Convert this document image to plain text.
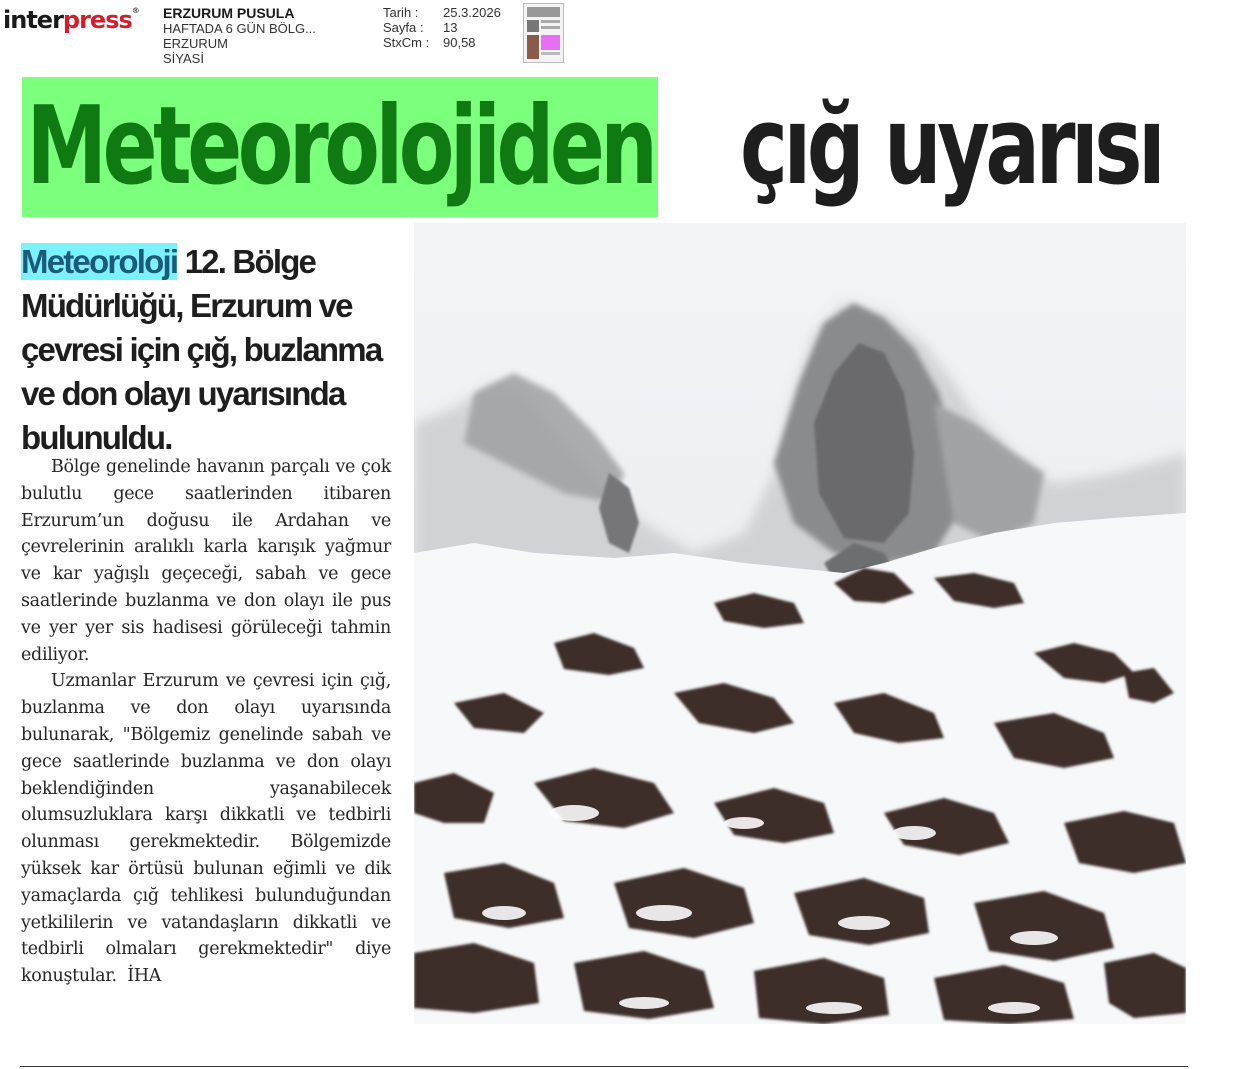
interpress® ERZURUM PUSULA
HAFTADA 6 GÜN BÖLG...
ERZURUM
SİYASİ
Tarih :	25.3.2026
Sayfa :	13
StxCm :	90,58
Meteorolojiden çığ uyarısı

Meteoroloji 12. Bölge Müdürlüğü, Erzurum ve çevresi için çığ, buzlanma ve don olayı uyarısında bulunuldu.

Bölge genelinde havanın parçalı ve çok bulutlu gece saatlerinden itibaren Erzurum’un doğusu ile Ardahan ve çevrelerinin aralıklı karla karışık yağmur ve kar yağışlı geçeceği, sabah ve gece saatlerinde buzlanma ve don olayı ile pus ve yer yer sis hadisesi görüleceği tahmin ediliyor.

Uzmanlar Erzurum ve çevresi için çığ, buzlanma ve don olayı uyarısında bulunarak, "Bölgemiz genelinde sabah ve gece saatlerinde buzlanma ve don olayı beklendiğinden yaşanabilecek olumsuzluklara karşı dikkatli ve tedbirli olunması gerekmektedir. Bölgemizde yüksek kar örtüsü bulunan eğimli ve dik yamaçlarda çığ tehlikesi bulunduğundan yetkililerin ve vatandaşların dikkatli ve tedbirli olmaları gerekmektedir" diye konuştular. İHA
